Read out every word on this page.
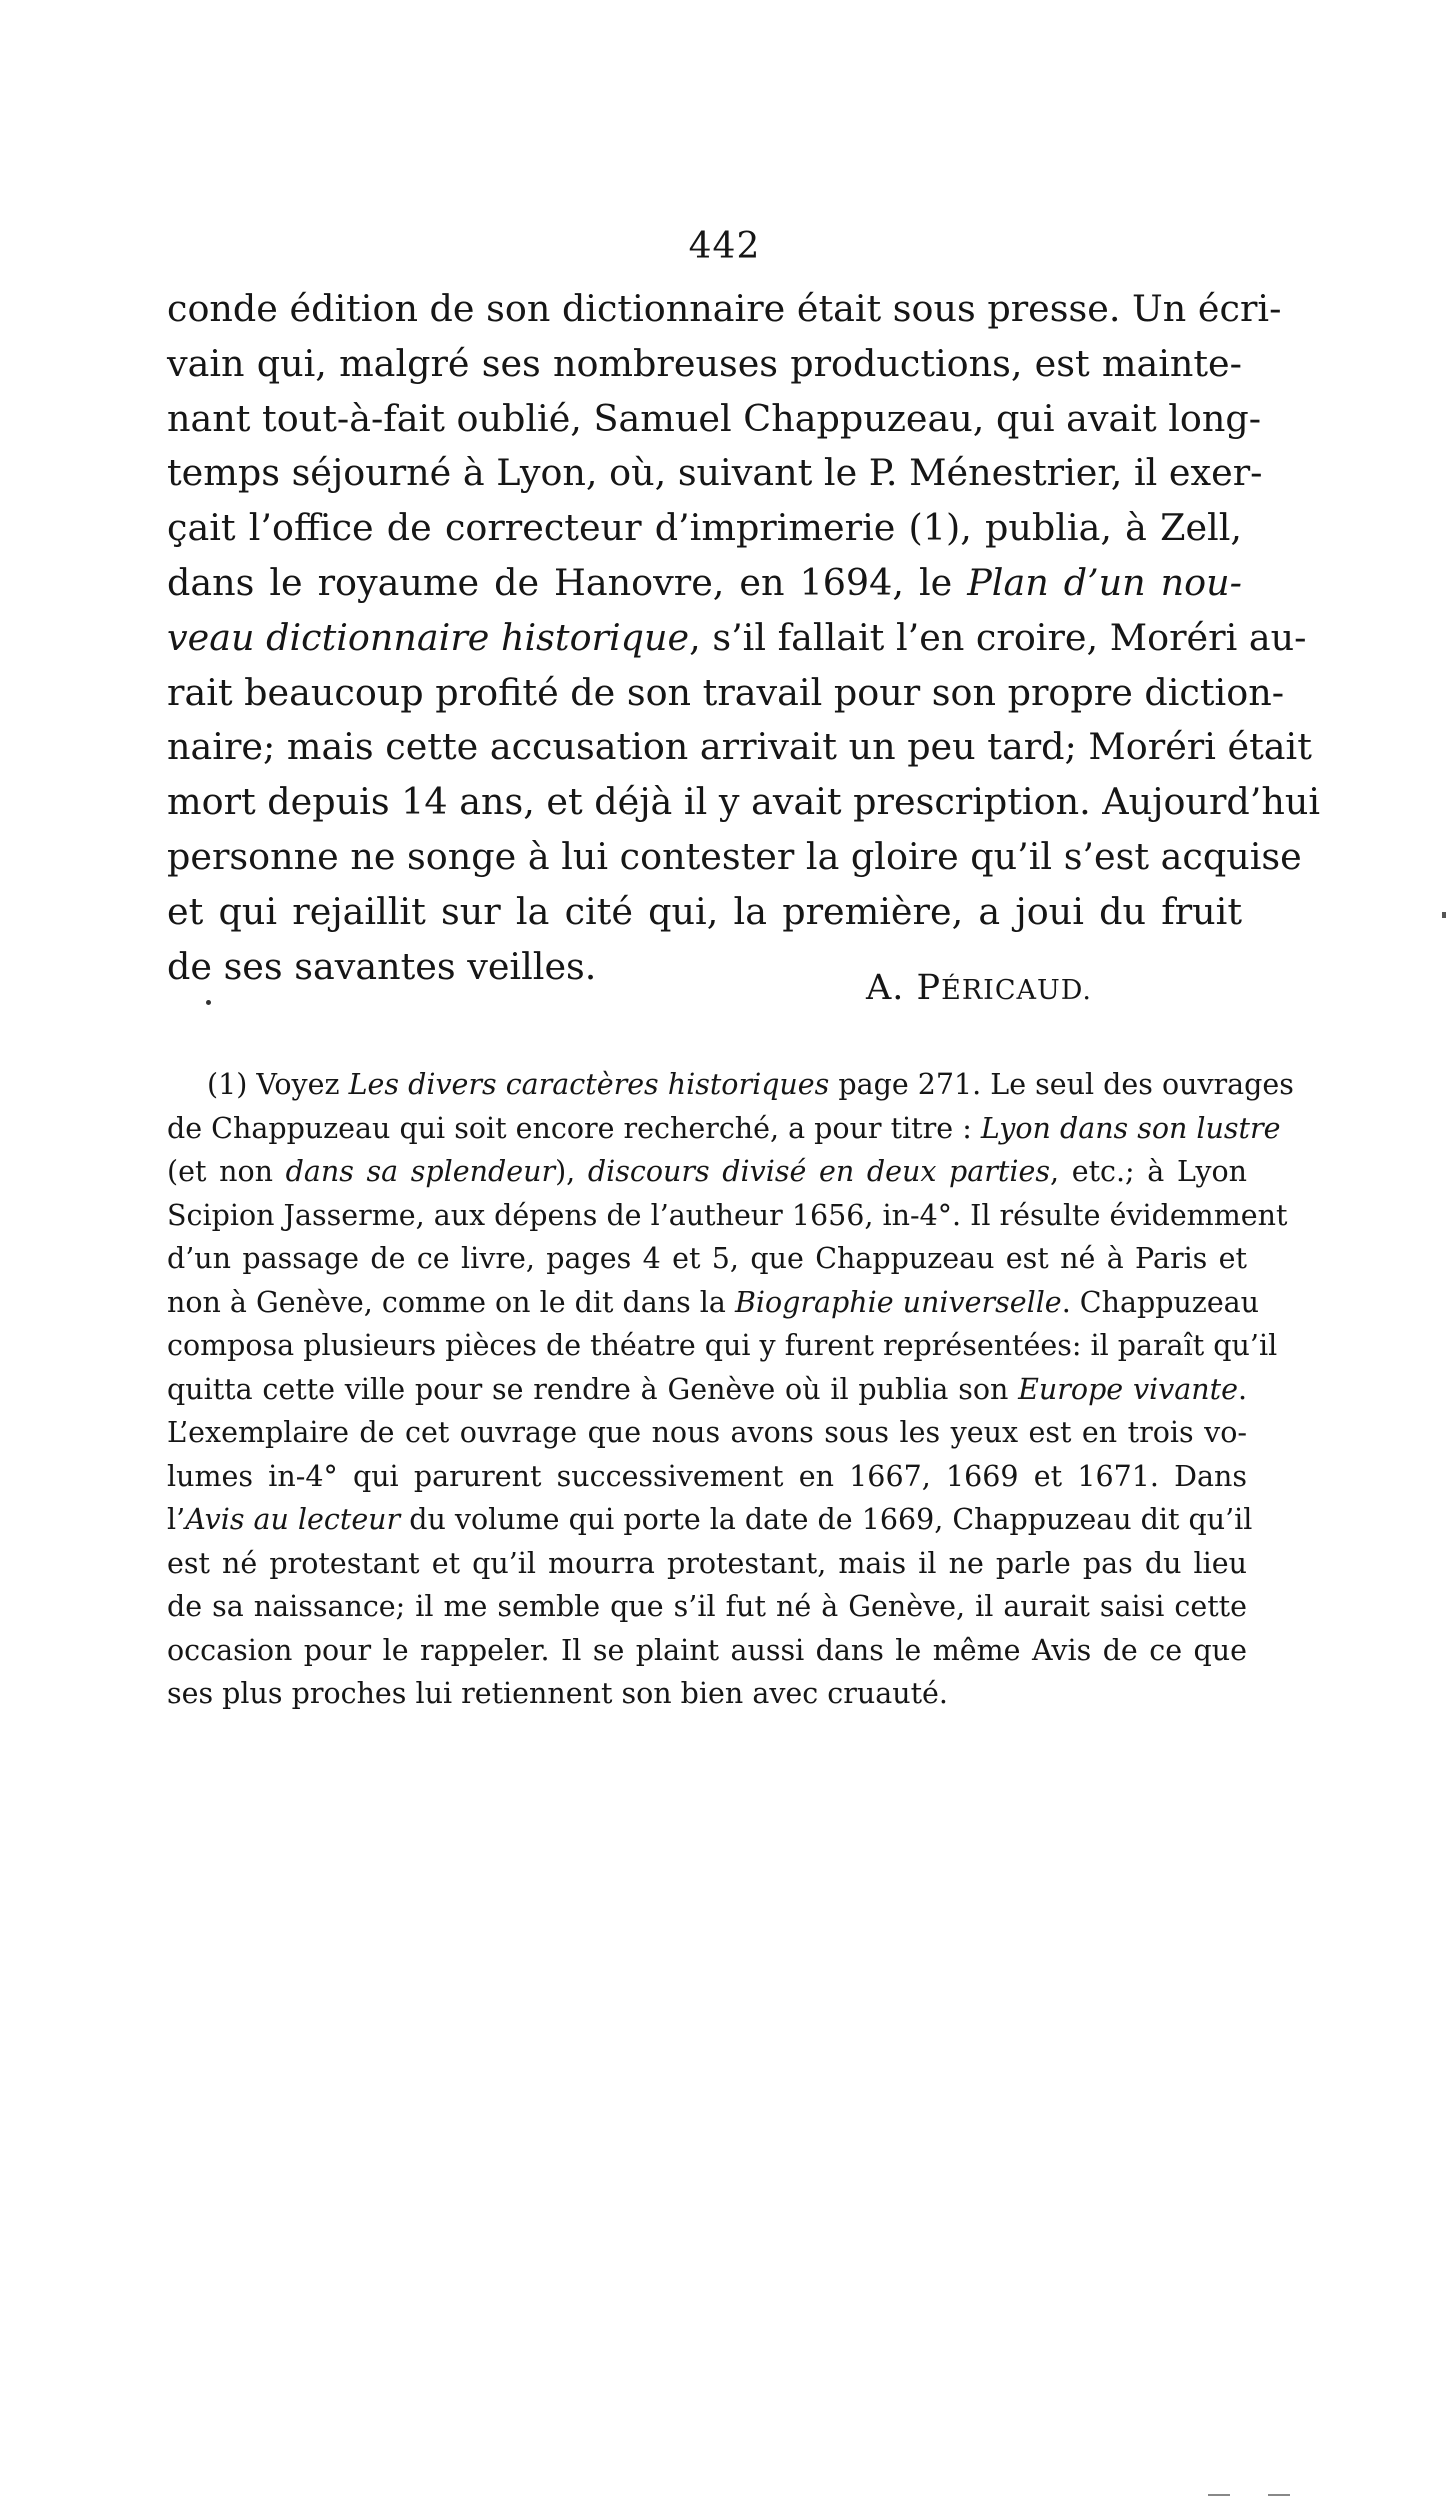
442
conde édition de son dictionnaire était sous presse. Un écri-
vain qui, malgré ses nombreuses productions, est mainte-
nant tout-à-fait oublié, Samuel Chappuzeau, qui avait long-
temps séjourné à Lyon, où, suivant le P. Ménestrier, il exer-
çait l’office de correcteur d’imprimerie (1), publia, à Zell,
dans le royaume de Hanovre, en 1694, le Plan d’un nou-
veau dictionnaire historique, s’il fallait l’en croire, Moréri au-
rait beaucoup profité de son travail pour son propre diction-
naire; mais cette accusation arrivait un peu tard; Moréri était
mort depuis 14 ans, et déjà il y avait prescription. Aujourd’hui
personne ne songe à lui contester la gloire qu’il s’est acquise
et qui rejaillit sur la cité qui, la première, a joui du fruit
de ses savantes veilles.
A. PÉRICAUD.
(1) Voyez Les divers caractères historiques page 271. Le seul des ouvrages
de Chappuzeau qui soit encore recherché, a pour titre : Lyon dans son lustre
(et non dans sa splendeur), discours divisé en deux parties, etc.; à Lyon
Scipion Jasserme, aux dépens de l’autheur 1656, in-4°. Il résulte évidemment
d’un passage de ce livre, pages 4 et 5, que Chappuzeau est né à Paris et
non à Genève, comme on le dit dans la Biographie universelle. Chappuzeau
composa plusieurs pièces de théatre qui y furent représentées: il paraît qu’il
quitta cette ville pour se rendre à Genève où il publia son Europe vivante.
L’exemplaire de cet ouvrage que nous avons sous les yeux est en trois vo-
lumes in-4° qui parurent successivement en 1667, 1669 et 1671. Dans
l’Avis au lecteur du volume qui porte la date de 1669, Chappuzeau dit qu’il
est né protestant et qu’il mourra protestant, mais il ne parle pas du lieu
de sa naissance; il me semble que s’il fut né à Genève, il aurait saisi cette
occasion pour le rappeler. Il se plaint aussi dans le même Avis de ce que
ses plus proches lui retiennent son bien avec cruauté.
